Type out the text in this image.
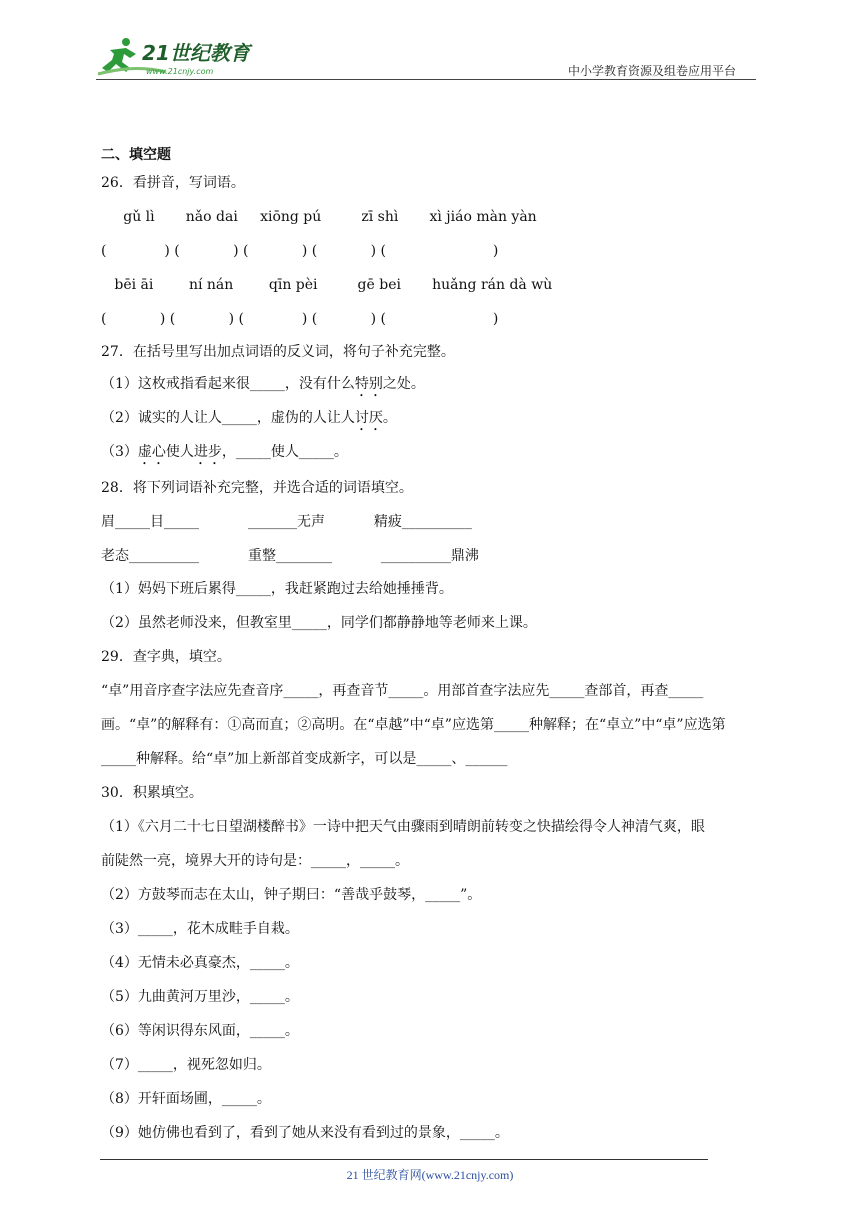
21世纪教育
www.21cnjy.com	中小学教育资源及组卷应用平台
二、填空题
26．看拼音，写词语。
gǔ lì       nǎo dai     xiōng pú         zī shì       xì jiáo màn yàn
(             ) (            ) (            ) (            ) (                        )
bēi āi        ní nán        qīn pèi         gē bei       huǎng rán dà wù
(            ) (            ) (             ) (            ) (                        )
27．在括号里写出加点词语的反义词，将句子补充完整。
（1）这枚戒指看起来很_____，没有什么特别之处。
（2）诚实的人让人_____，虚伪的人让人讨厌。
（3）虚心使人进步，_____使人_____。
28．将下列词语补充完整，并选合适的词语填空。
眉_____目_____           _______无声           精疲__________
老态__________           重整________           __________鼎沸
（1）妈妈下班后累得_____，我赶紧跑过去给她捶捶背。
（2）虽然老师没来，但教室里_____，同学们都静静地等老师来上课。
29．查字典，填空。
“卓”用音序查字法应先查音序_____，再查音节_____。用部首查字法应先_____查部首，再查_____
画。“卓”的解释有：①高而直；②高明。在“卓越”中“卓”应选第_____种解释；在“卓立”中“卓”应选第
_____种解释。给“卓”加上新部首变成新字，可以是_____、______
30．积累填空。
（1）《六月二十七日望湖楼醉书》一诗中把天气由骤雨到晴朗前转变之快描绘得令人神清气爽，眼
前陡然一亮，境界大开的诗句是：_____，_____。
（2）方鼓琴而志在太山，钟子期曰：“善哉乎鼓琴，_____”。
（3）_____，花木成畦手自栽。
（4）无情未必真豪杰，_____。
（5）九曲黄河万里沙，_____。
（6）等闲识得东风面，_____。
（7）_____，视死忽如归。
（8）开轩面场圃，_____。
（9）她仿佛也看到了，看到了她从来没有看到过的景象，_____。
21 世纪教育网(www.21cnjy.com)
